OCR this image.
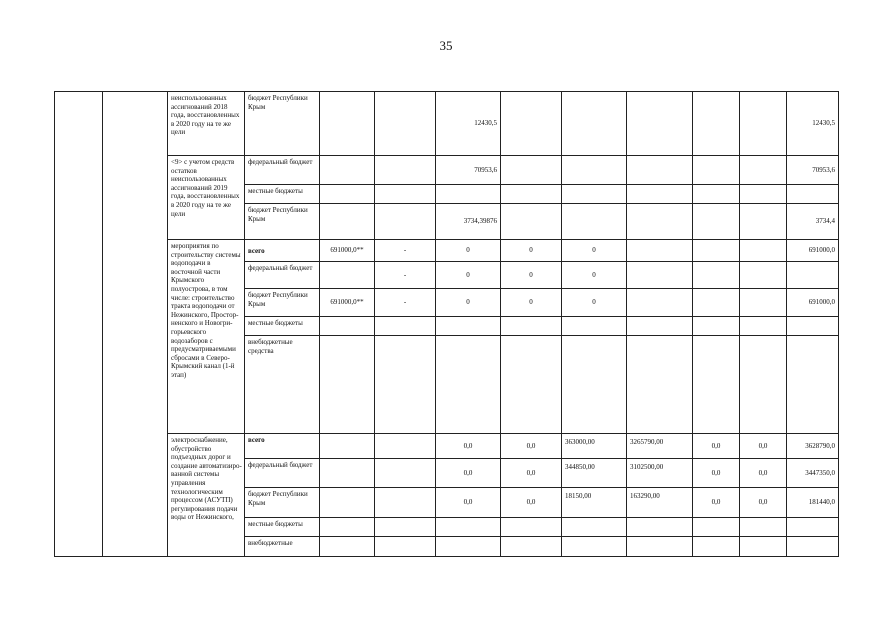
35
		неиспользованных ассигнований 2018 года, восстановленных в 2020 году на те же цели	бюджет Республики Крым			12430,5						12430,5
		<9> с учетом средств остатков неиспользованных ассигнований 2019 года, восстановленных в 2020 году на те же цели	федеральный бюджет			70953,6						70953,6
			местные бюджеты									
			бюджет Республики Крым			3734,39876						3734,4
		мероприятия по строительству системы водоподачи в восточной части Крымского полуострова, в том числе: строительство тракта водоподачи от Нежинского, Просторненского и Новогригорьевского водозаборов с предусматриваемыми сбросами в Северо-Крымский канал (1-й этап)	всего	691000,0**	-	0	0	0				691000,0
			федеральный бюджет		-	0	0	0				
			бюджет Республики Крым	691000,0**	-	0	0	0				691000,0
			местные бюджеты									
			внебюджетные средства									
		электроснабжение, обустройство подъездных дорог и создание автоматизированной системы управления технологическим процессом (АСУТП) регулирования подачи воды от Нежинского,	всего			0,0	0,0	363000,00	3265790,00	0,0	0,0	3628790,0
			федеральный бюджет			0,0	0,0	344850,00	3102500,00	0,0	0,0	3447350,0
			бюджет Республики Крым			0,0	0,0	18150,00	163290,00	0,0	0,0	181440,0
			местные бюджеты									
			внебюджетные									
